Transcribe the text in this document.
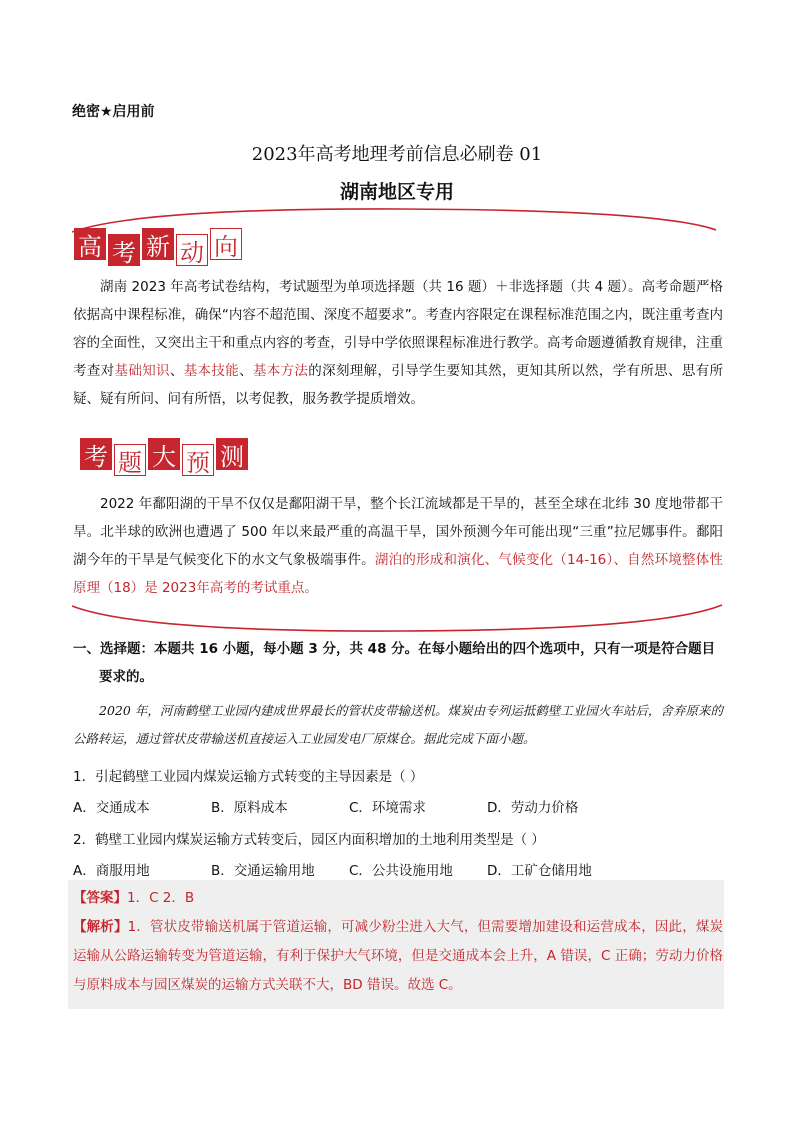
绝密★启用前
2023年高考地理考前信息必刷卷 01
湖南地区专用
高 考 新 动 向
湖南 2023 年高考试卷结构，考试题型为单项选择题（共 16 题）＋非选择题（共 4 题）。高考命题严格依据高中课程标准，确保“内容不超范围、深度不超要求”。考查内容限定在课程标准范围之内，既注重考查内容的全面性，又突出主干和重点内容的考查，引导中学依照课程标准进行教学。高考命题遵循教育规律，注重考查对基础知识、基本技能、基本方法的深刻理解，引导学生要知其然，更知其所以然，学有所思、思有所疑、疑有所问、问有所悟，以考促教，服务教学提质增效。
考 题 大 预 测
2022 年鄱阳湖的干旱不仅仅是鄱阳湖干旱，整个长江流域都是干旱的，甚至全球在北纬 30 度地带都干旱。北半球的欧洲也遭遇了 500 年以来最严重的高温干旱，国外预测今年可能出现“三重”拉尼娜事件。鄱阳湖今年的干旱是气候变化下的水文气象极端事件。湖泊的形成和演化、气候变化（14-16）、自然环境整体性原理（18）是 2023年高考的考试重点。
一、选择题：本题共 16 小题，每小题 3 分，共 48 分。在每小题给出的四个选项中，只有一项是符合题目
要求的。
2020 年，河南鹤壁工业园内建成世界最长的管状皮带输送机。煤炭由专列运抵鹤壁工业园火车站后，舍弃原来的公路转运，通过管状皮带输送机直接运入工业园发电厂原煤仓。据此完成下面小题。
1．引起鹤壁工业园内煤炭运输方式转变的主导因素是（ ）
A．交通成本	B．原料成本	C．环境需求	D．劳动力价格
2．鹤壁工业园内煤炭运输方式转变后，园区内面积增加的土地利用类型是（ ）
A．商服用地	B．交通运输用地	C．公共设施用地	D．工矿仓储用地
【答案】1．C 2．B
【解析】1．管状皮带输送机属于管道运输，可减少粉尘进入大气，但需要增加建设和运营成本，因此，煤炭运输从公路运输转变为管道运输，有利于保护大气环境，但是交通成本会上升，A 错误，C 正确；劳动力价格与原料成本与园区煤炭的运输方式关联不大，BD 错误。故选 C。
